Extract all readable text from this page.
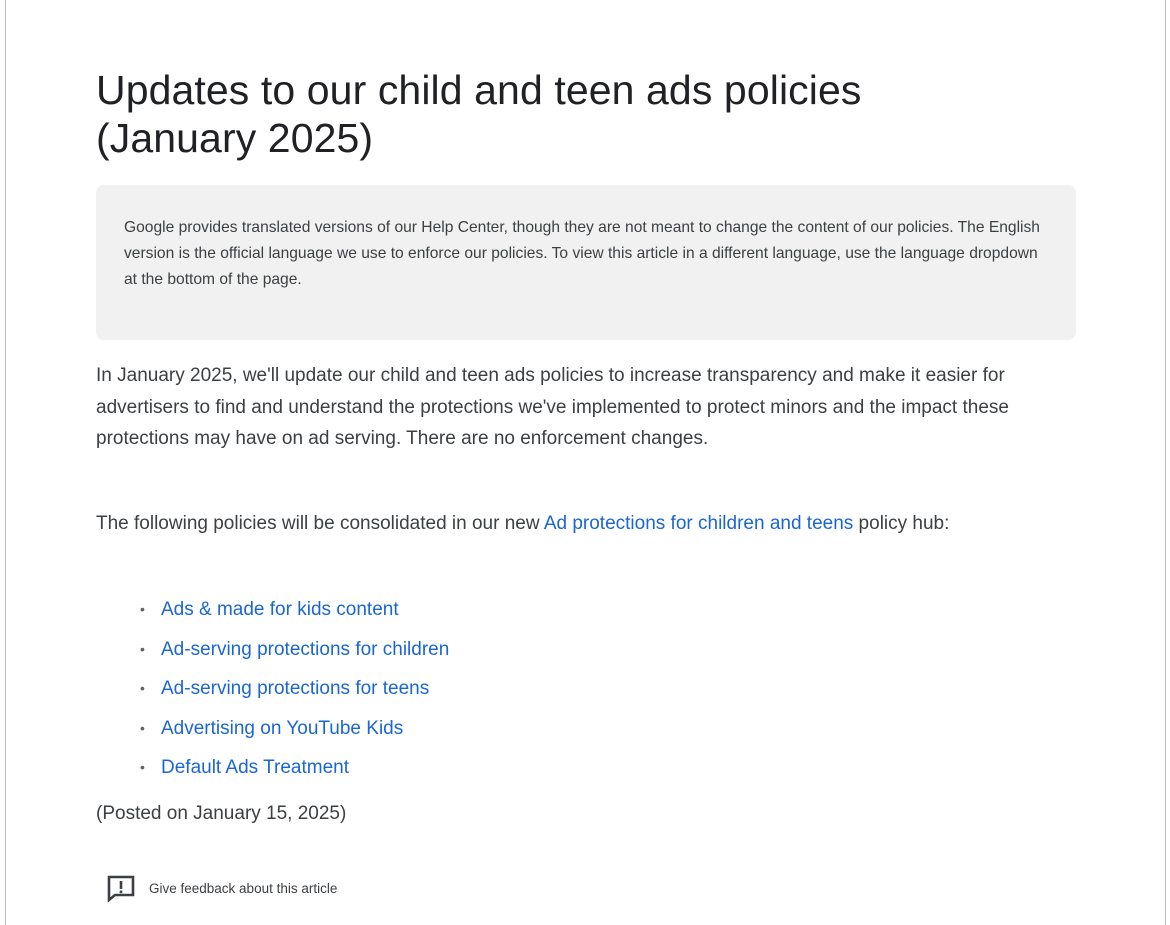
Updates to our child and teen ads policies (January 2025)

Google provides translated versions of our Help Center, though they are not meant to change the content of our policies. The English version is the official language we use to enforce our policies. To view this article in a different language, use the language dropdown at the bottom of the page.

In January 2025, we'll update our child and teen ads policies to increase transparency and make it easier for advertisers to find and understand the protections we've implemented to protect minors and the impact these protections may have on ad serving. There are no enforcement changes.

The following policies will be consolidated in our new Ad protections for children and teens policy hub:

• Ads & made for kids content
• Ad-serving protections for children
• Ad-serving protections for teens
• Advertising on YouTube Kids
• Default Ads Treatment

(Posted on January 15, 2025)

Give feedback about this article
